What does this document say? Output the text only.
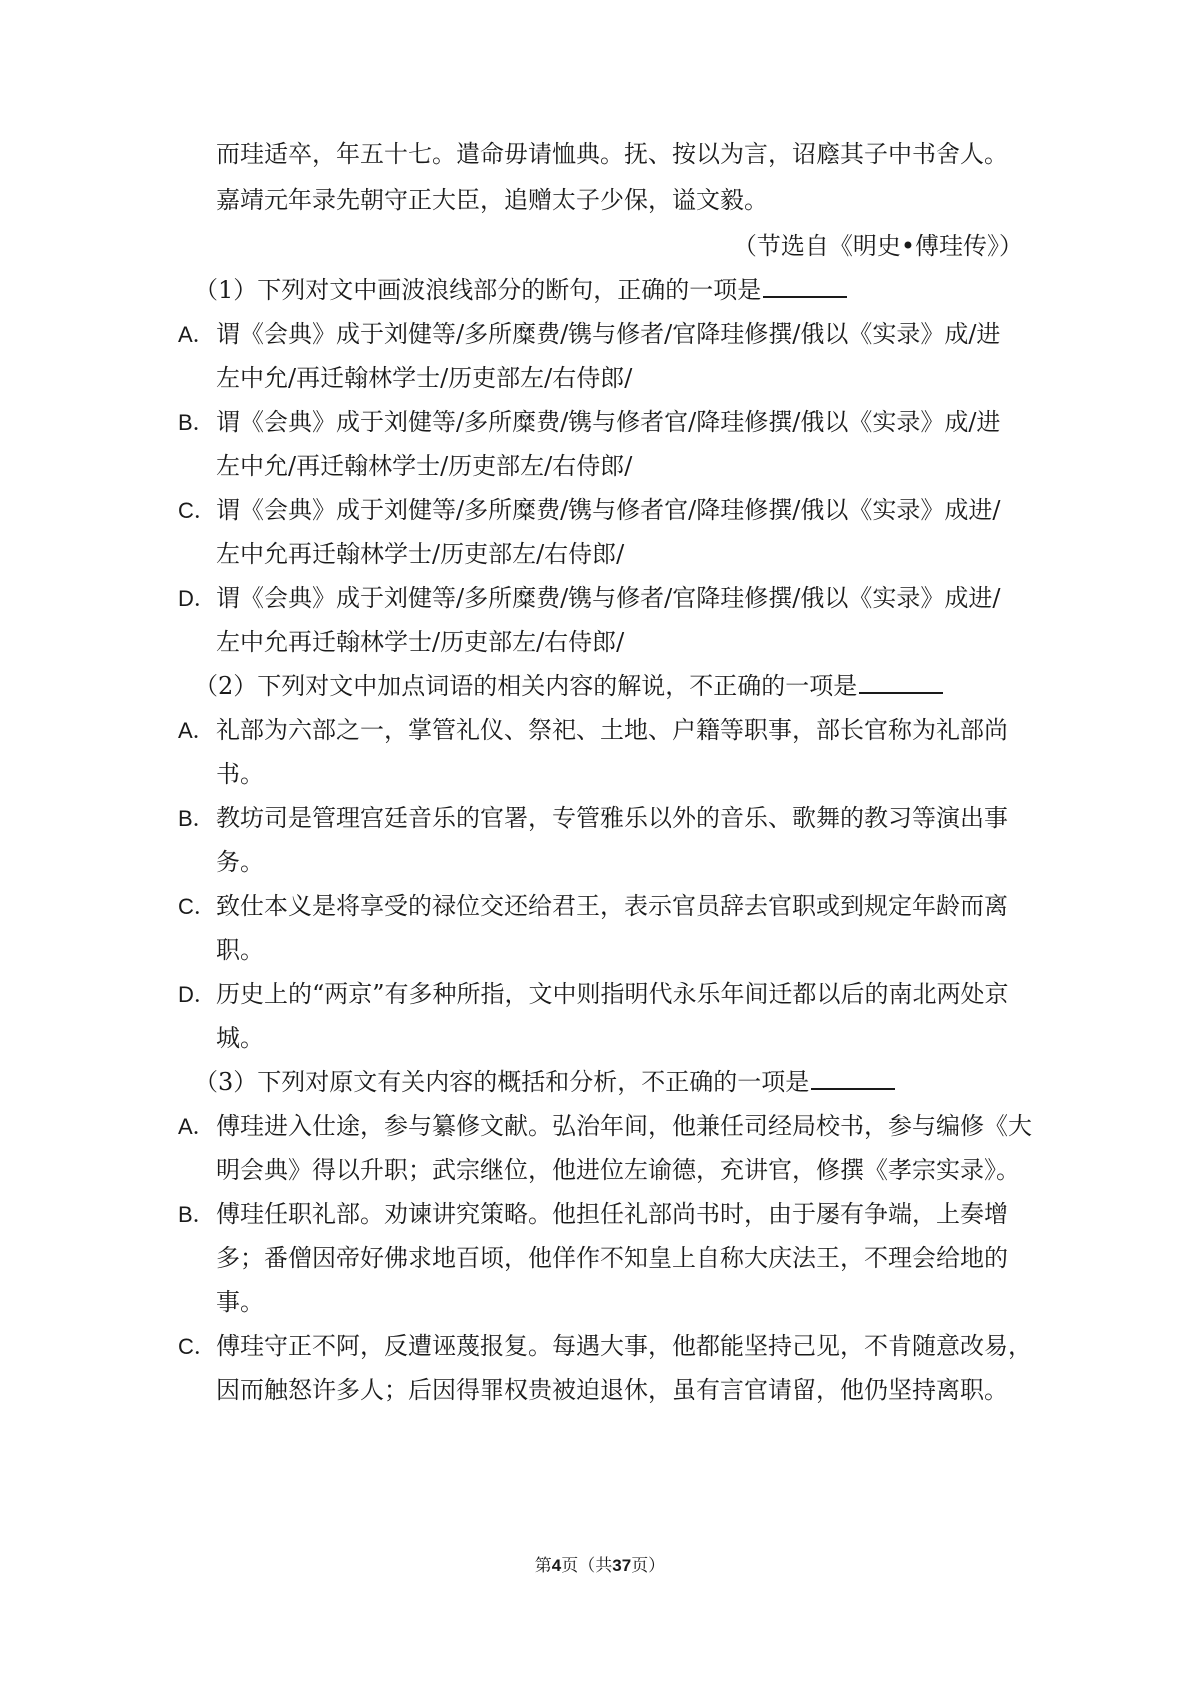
而珪适卒，年五十七。遣命毋请恤典。抚、按以为言，诏廕其子中书舍人。
嘉靖元年录先朝守正大臣，追赠太子少保，谥文毅。
（节选自《明史•傅珪传》）
（1）下列对文中画波浪线部分的断句，正确的一项是
A．谓《会典》成于刘健等/多所糜费/镌与修者/官降珪修撰/俄以《实录》成/进
左中允/再迁翰林学士/历吏部左/右侍郎/
B．谓《会典》成于刘健等/多所糜费/镌与修者官/降珪修撰/俄以《实录》成/进
左中允/再迁翰林学士/历吏部左/右侍郎/
C．谓《会典》成于刘健等/多所糜费/镌与修者官/降珪修撰/俄以《实录》成进/
左中允再迁翰林学士/历吏部左/右侍郎/
D．谓《会典》成于刘健等/多所糜费/镌与修者/官降珪修撰/俄以《实录》成进/
左中允再迁翰林学士/历吏部左/右侍郎/
（2）下列对文中加点词语的相关内容的解说，不正确的一项是
A．礼部为六部之一，掌管礼仪、祭祀、土地、户籍等职事，部长官称为礼部尚
书。
B．教坊司是管理宫廷音乐的官署，专管雅乐以外的音乐、歌舞的教习等演出事
务。
C．致仕本义是将享受的禄位交还给君王，表示官员辞去官职或到规定年龄而离
职。
D．历史上的“两京”有多种所指，文中则指明代永乐年间迁都以后的南北两处京
城。
（3）下列对原文有关内容的概括和分析，不正确的一项是
A．傅珪进入仕途，参与纂修文献。弘治年间，他兼任司经局校书，参与编修《大
明会典》得以升职；武宗继位，他进位左谕德，充讲官，修撰《孝宗实录》。
B．傅珪任职礼部。劝谏讲究策略。他担任礼部尚书时，由于屡有争端，上奏增
多；番僧因帝好佛求地百顷，他佯作不知皇上自称大庆法王，不理会给地的
事。
C．傅珪守正不阿，反遭诬蔑报复。每遇大事，他都能坚持己见，不肯随意改易，
因而触怒许多人；后因得罪权贵被迫退休，虽有言官请留，他仍坚持离职。
第4页（共37页）
